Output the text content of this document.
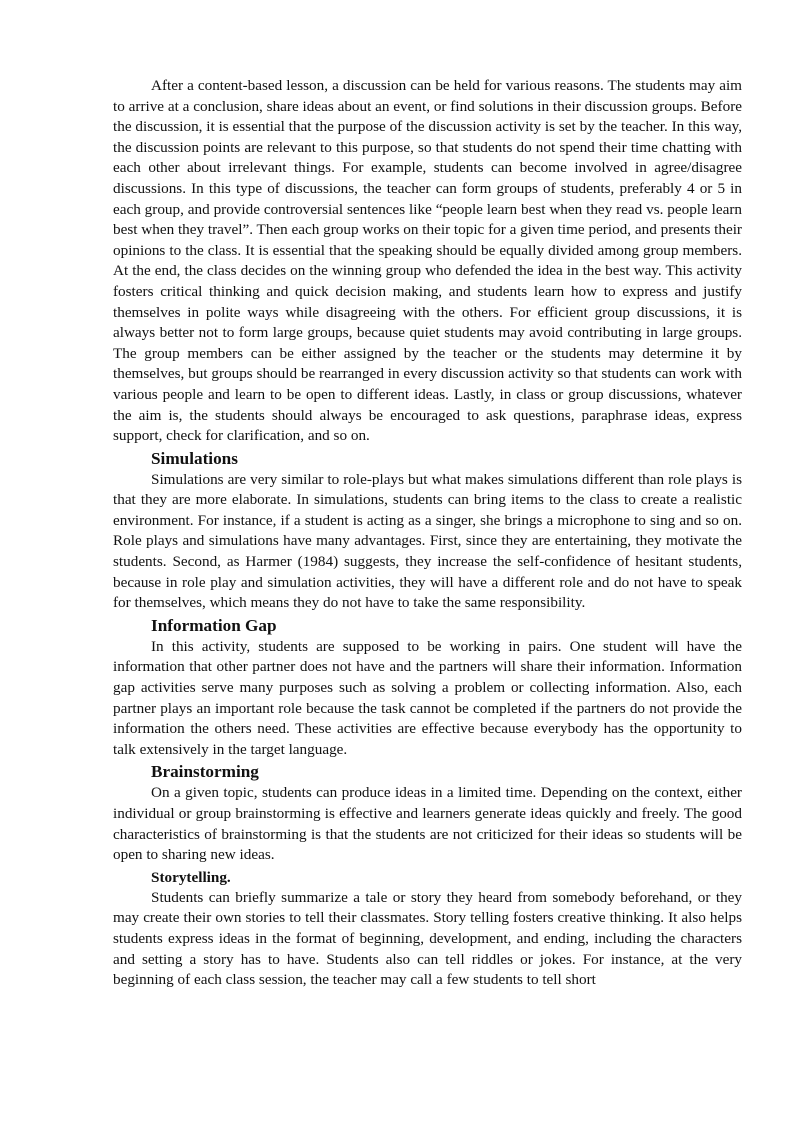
After a content-based lesson, a discussion can be held for various reasons. The students may aim to arrive at a conclusion, share ideas about an event, or find solutions in their discussion groups. Before the discussion, it is essential that the purpose of the discussion activity is set by the teacher. In this way, the discussion points are relevant to this purpose, so that students do not spend their time chatting with each other about irrelevant things. For example, students can become involved in agree/disagree discussions. In this type of discussions, the teacher can form groups of students, preferably 4 or 5 in each group, and provide controversial sentences like “people learn best when they read vs. people learn best when they travel”. Then each group works on their topic for a given time period, and presents their opinions to the class. It is essential that the speaking should be equally divided among group members. At the end, the class decides on the winning group who defended the idea in the best way. This activity fosters critical thinking and quick decision making, and students learn how to express and justify themselves in polite ways while disagreeing with the others. For efficient group discussions, it is always better not to form large groups, because quiet students may avoid contributing in large groups. The group members can be either assigned by the teacher or the students may determine it by themselves, but groups should be rearranged in every discussion activity so that students can work with various people and learn to be open to different ideas. Lastly, in class or group discussions, whatever the aim is, the students should always be encouraged to ask questions, paraphrase ideas, express support, check for clarification, and so on.

Simulations

Simulations are very similar to role-plays but what makes simulations different than role plays is that they are more elaborate. In simulations, students can bring items to the class to create a realistic environment. For instance, if a student is acting as a singer, she brings a microphone to sing and so on. Role plays and simulations have many advantages. First, since they are entertaining, they motivate the students. Second, as Harmer (1984) suggests, they increase the self-confidence of hesitant students, because in role play and simulation activities, they will have a different role and do not have to speak for themselves, which means they do not have to take the same responsibility.

Information Gap

In this activity, students are supposed to be working in pairs. One student will have the information that other partner does not have and the partners will share their information. Information gap activities serve many purposes such as solving a problem or collecting information. Also, each partner plays an important role because the task cannot be completed if the partners do not provide the information the others need. These activities are effective because everybody has the opportunity to talk extensively in the target language.

Brainstorming

On a given topic, students can produce ideas in a limited time. Depending on the context, either individual or group brainstorming is effective and learners generate ideas quickly and freely. The good characteristics of brainstorming is that the students are not criticized for their ideas so students will be open to sharing new ideas.

Storytelling.

Students can briefly summarize a tale or story they heard from somebody beforehand, or they may create their own stories to tell their classmates. Story telling fosters creative thinking. It also helps students express ideas in the format of beginning, development, and ending, including the characters and setting a story has to have. Students also can tell riddles or jokes. For instance, at the very beginning of each class session, the teacher may call a few students to tell short
